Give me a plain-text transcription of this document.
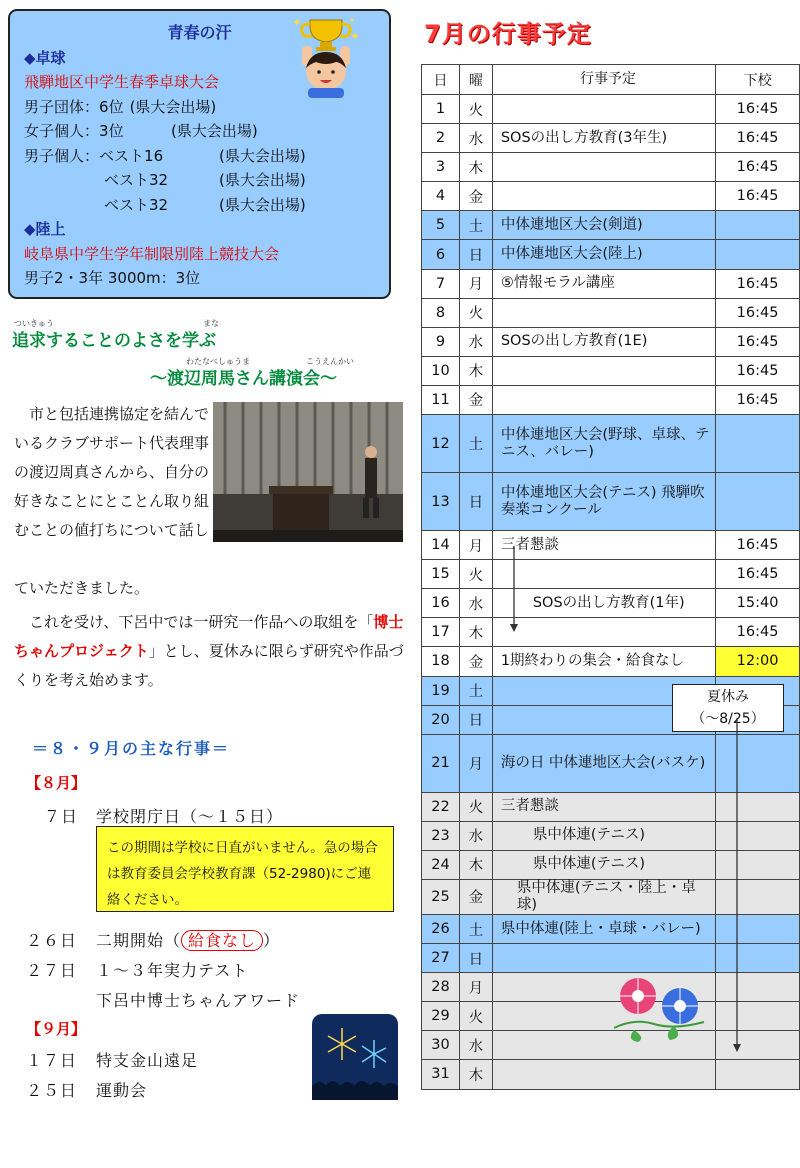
青春の汗
◆卓球
飛騨地区中学生春季卓球大会
男子団体：6位 (県大会出場)
女子個人：3位	(県大会出場)
男子個人：ベスト16	(県大会出場)
ベスト32	(県大会出場)
ベスト32	(県大会出場)
◆陸上
岐阜県中学生学年制限別陸上競技大会
男子2・3年 3000m：3位
ついきゅう	まな
追求することのよさを学ぶ
わたなべしゅうま	こうえんかい
～渡辺周馬さん講演会～
　市と包括連携協定を結んでいるクラブサポート代表理事の渡辺周真さんから、自分の好きなことにとことん取り組むことの値打ちについて話し
ていただきました。
　これを受け、下呂中では一研究一作品への取組を「博士ちゃんプロジェクト」とし、夏休みに限らず研究や作品づくりを考え始めます。
＝８・９月の主な行事＝
【８月】
７日 学校閉庁日（～１５日）
この期間は学校に日直がいません。急の場合は教育委員会学校教育課（52-2980)にご連絡ください。
２６日 二期開始（ 給食なし ）
２７日 １～３年実力テスト
下呂中博士ちゃんアワード
【９月】
１７日 特支金山遠足
２５日 運動会
7月の行事予定
日	曜	行事予定	下校
1	火		16:45
2	水	SOSの出し方教育(3年生)	16:45
3	木		16:45
4	金		16:45
5	土	中体連地区大会(剣道)	
6	日	中体連地区大会(陸上)	
7	月	⑤情報モラル講座	16:45
8	火		16:45
9	水	SOSの出し方教育(1E)	16:45
10	木		16:45
11	金		16:45
12	土	中体連地区大会(野球、卓球、テニス、バレー)	
13	日	中体連地区大会(テニス) 飛騨吹奏楽コンクール	
14	月	三者懇談	16:45
15	火		16:45
16	水	SOSの出し方教育(1年)	15:40
17	木		16:45
18	金	1期終わりの集会・給食なし	12:00
19	土		
20	日		
21	月	海の日 中体連地区大会(バスケ)	
22	火	三者懇談	
23	水	県中体連(テニス)	
24	木	県中体連(テニス)	
25	金	県中体連(テニス・陸上・卓球)	
26	土	県中体連(陸上・卓球・バレー)	
27	日		
28	月		
29	火		
30	水		
31	木		
夏休み
（～8/25）
